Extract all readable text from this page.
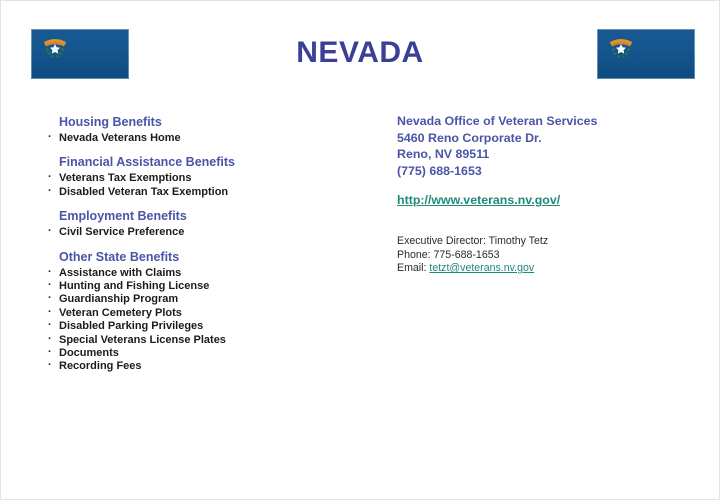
NEVADA
Housing Benefits
· Nevada Veterans Home
Financial Assistance Benefits
· Veterans Tax Exemptions
· Disabled Veteran Tax Exemption
Employment Benefits
· Civil Service Preference
Other State Benefits
· Assistance with Claims
· Hunting and Fishing License
· Guardianship Program
· Veteran Cemetery Plots
· Disabled Parking Privileges
· Special Veterans License Plates
· Documents
· Recording Fees
Nevada Office of Veteran Services
5460 Reno Corporate Dr.
Reno, NV 89511
(775) 688-1653
http://www.veterans.nv.gov/
Executive Director: Timothy Tetz
Phone: 775-688-1653
Email: tetzt@veterans.nv.gov
